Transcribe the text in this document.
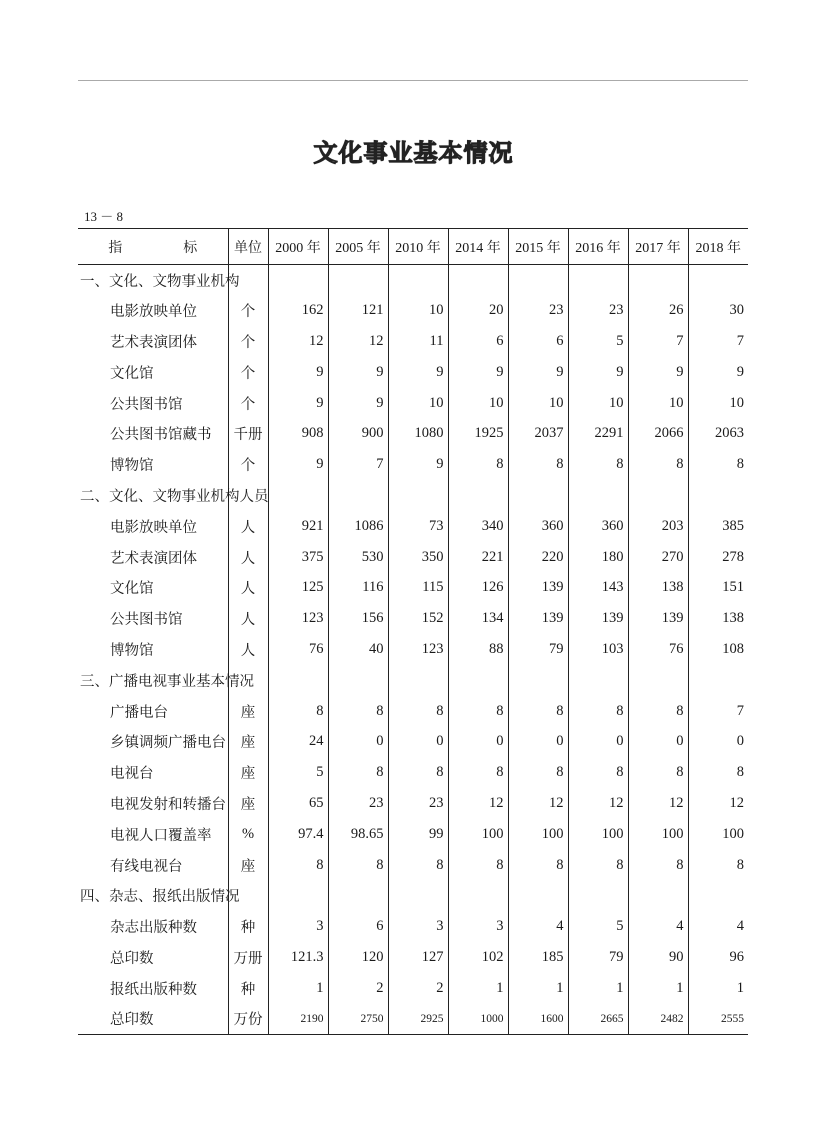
文化事业基本情况
13 － 8
指 标	单位	2000 年	2005 年	2010 年	2014 年	2015 年	2016 年	2017 年	2018 年
一、文化、文物事业机构									
电影放映单位	个	162	121	10	20	23	23	26	30
艺术表演团体	个	12	12	11	6	6	5	7	7
文化馆	个	9	9	9	9	9	9	9	9
公共图书馆	个	9	9	10	10	10	10	10	10
公共图书馆藏书	千册	908	900	1080	1925	2037	2291	2066	2063
博物馆	个	9	7	9	8	8	8	8	8
二、文化、文物事业机构人员									
电影放映单位	人	921	1086	73	340	360	360	203	385
艺术表演团体	人	375	530	350	221	220	180	270	278
文化馆	人	125	116	115	126	139	143	138	151
公共图书馆	人	123	156	152	134	139	139	139	138
博物馆	人	76	40	123	88	79	103	76	108
三、广播电视事业基本情况									
广播电台	座	8	8	8	8	8	8	8	7
乡镇调频广播电台	座	24	0	0	0	0	0	0	0
电视台	座	5	8	8	8	8	8	8	8
电视发射和转播台	座	65	23	23	12	12	12	12	12
电视人口覆盖率	%	97.4	98.65	99	100	100	100	100	100
有线电视台	座	8	8	8	8	8	8	8	8
四、杂志、报纸出版情况									
杂志出版种数	种	3	6	3	3	4	5	4	4
总印数	万册	121.3	120	127	102	185	79	90	96
报纸出版种数	种	1	2	2	1	1	1	1	1
总印数	万份	2190	2750	2925	1000	1600	2665	2482	2555
